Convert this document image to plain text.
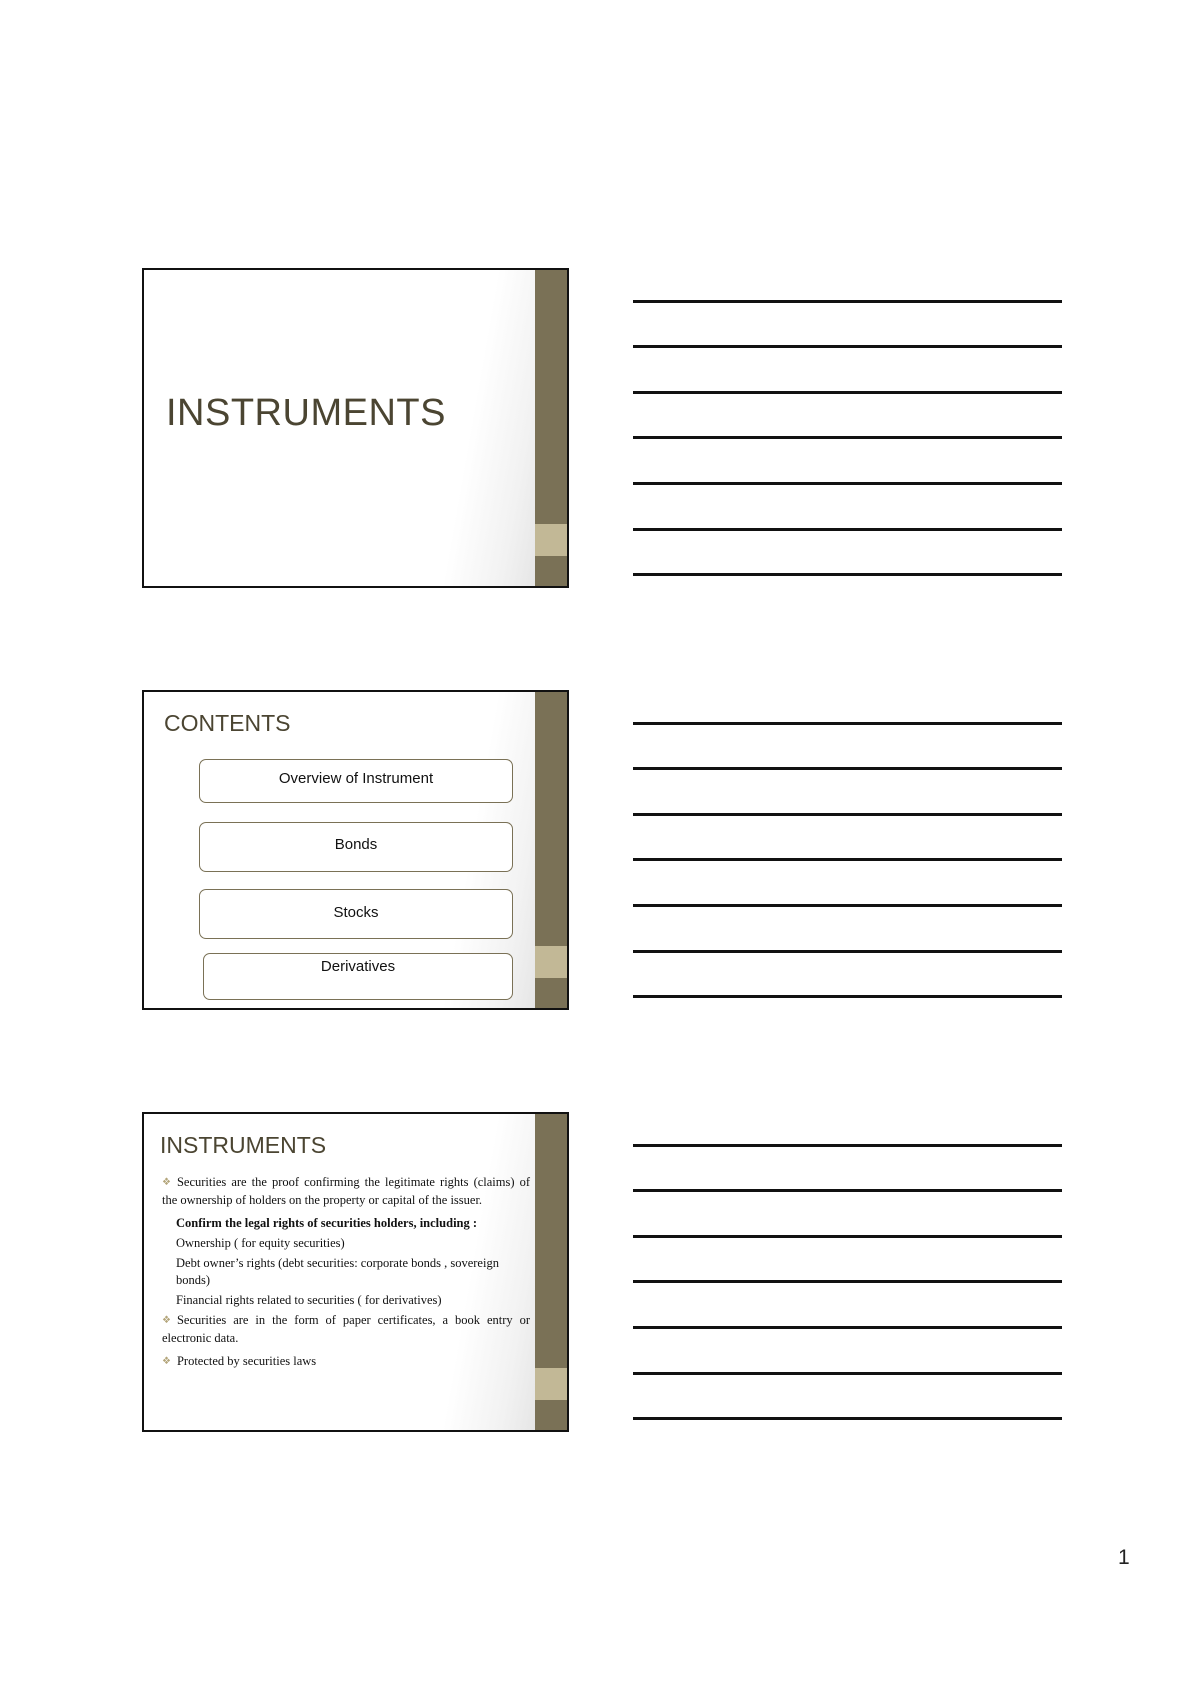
INSTRUMENTS
CONTENTS
Overview of Instrument
Bonds
Stocks
Derivatives
INSTRUMENTS

❖ Securities are the proof confirming the legitimate rights (claims) of the ownership of holders on the property or capital of the issuer.

Confirm the legal rights of securities holders, including :

Ownership ( for equity securities)

Debt owner’s rights (debt securities: corporate bonds , sovereign bonds)

Financial rights related to securities ( for derivatives)

❖ Securities are in the form of paper certificates, a book entry or electronic data.

❖ Protected by securities laws

1
